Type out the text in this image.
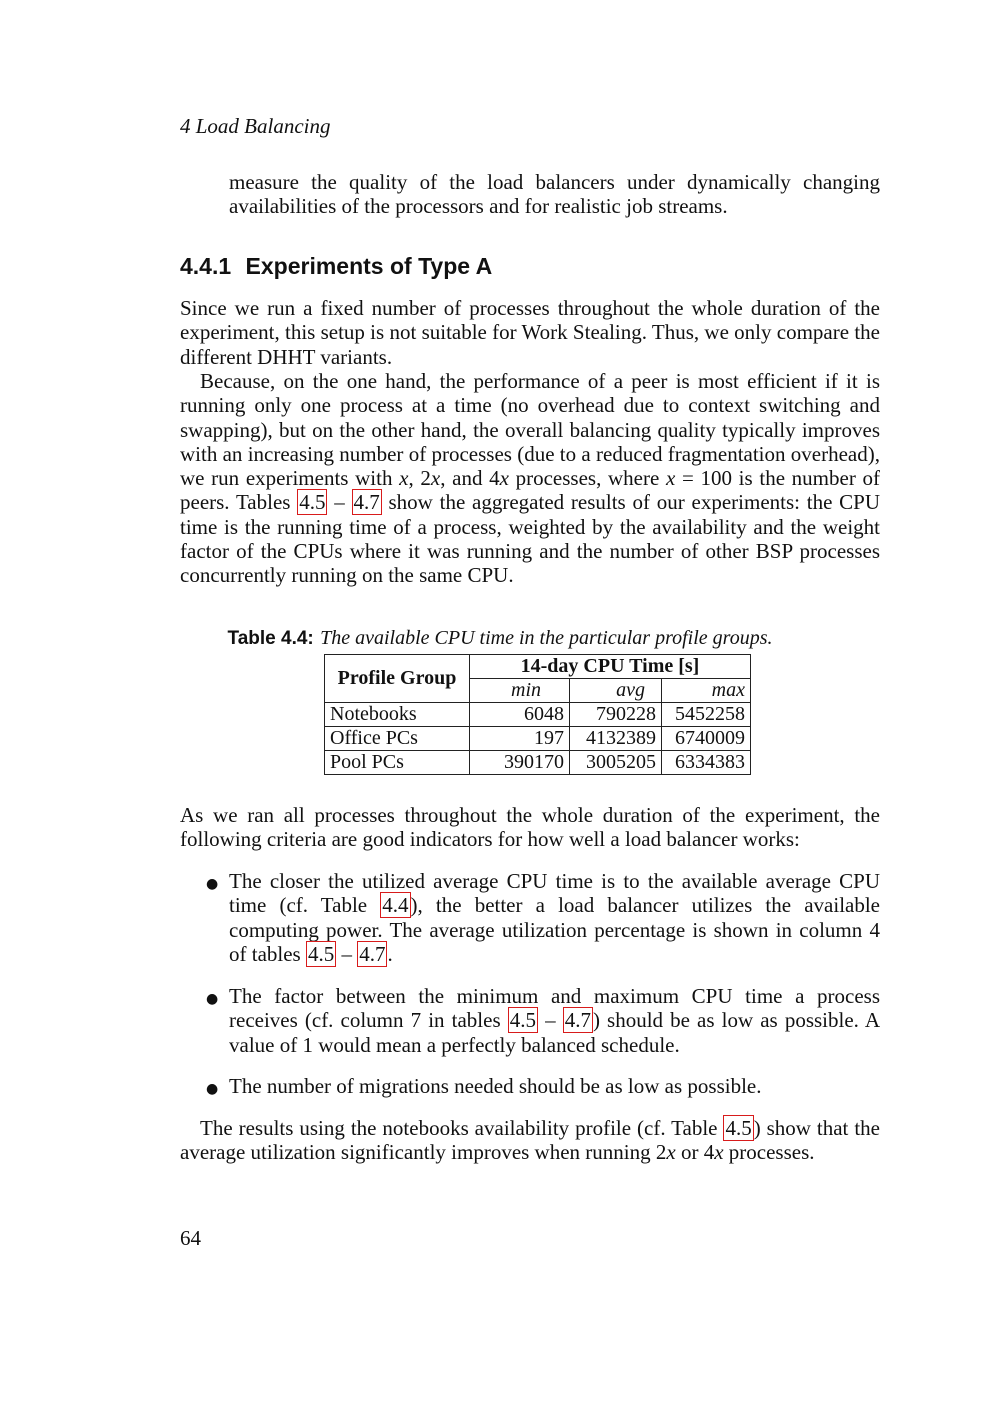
4 Load Balancing

measure the quality of the load balancers under dynamically changing availabilities of the processors and for realistic job streams.

4.4.1 Experiments of Type A

Since we run a fixed number of processes throughout the whole duration of the experiment, this setup is not suitable for Work Stealing. Thus, we only compare the different DHHT variants.

Because, on the one hand, the performance of a peer is most efficient if it is running only one process at a time (no overhead due to context switching and swapping), but on the other hand, the overall balancing quality typically improves with an increasing number of processes (due to a reduced fragmentation overhead), we run experiments with x, 2x, and 4x processes, where x = 100 is the number of peers. Tables 4.5 – 4.7 show the aggregated results of our experiments: the CPU time is the running time of a process, weighted by the availability and the weight factor of the CPUs where it was running and the number of other BSP processes concurrently running on the same CPU.

Table 4.4: The available CPU time in the particular profile groups.
Profile Group	14-day CPU Time [s]		
	min	avg	max
Notebooks	6048	790228	5452258
Office PCs	197	4132389	6740009
Pool PCs	390170	3005205	6334383

As we ran all processes throughout the whole duration of the experiment, the following criteria are good indicators for how well a load balancer works:

● The closer the utilized average CPU time is to the available average CPU time (cf. Table 4.4), the better a load balancer utilizes the available computing power. The average utilization percentage is shown in column 4 of tables 4.5 – 4.7.

● The factor between the minimum and maximum CPU time a process receives (cf. column 7 in tables 4.5 – 4.7) should be as low as possible. A value of 1 would mean a perfectly balanced schedule.

● The number of migrations needed should be as low as possible.

The results using the notebooks availability profile (cf. Table 4.5) show that the average utilization significantly improves when running 2x or 4x processes.

64
